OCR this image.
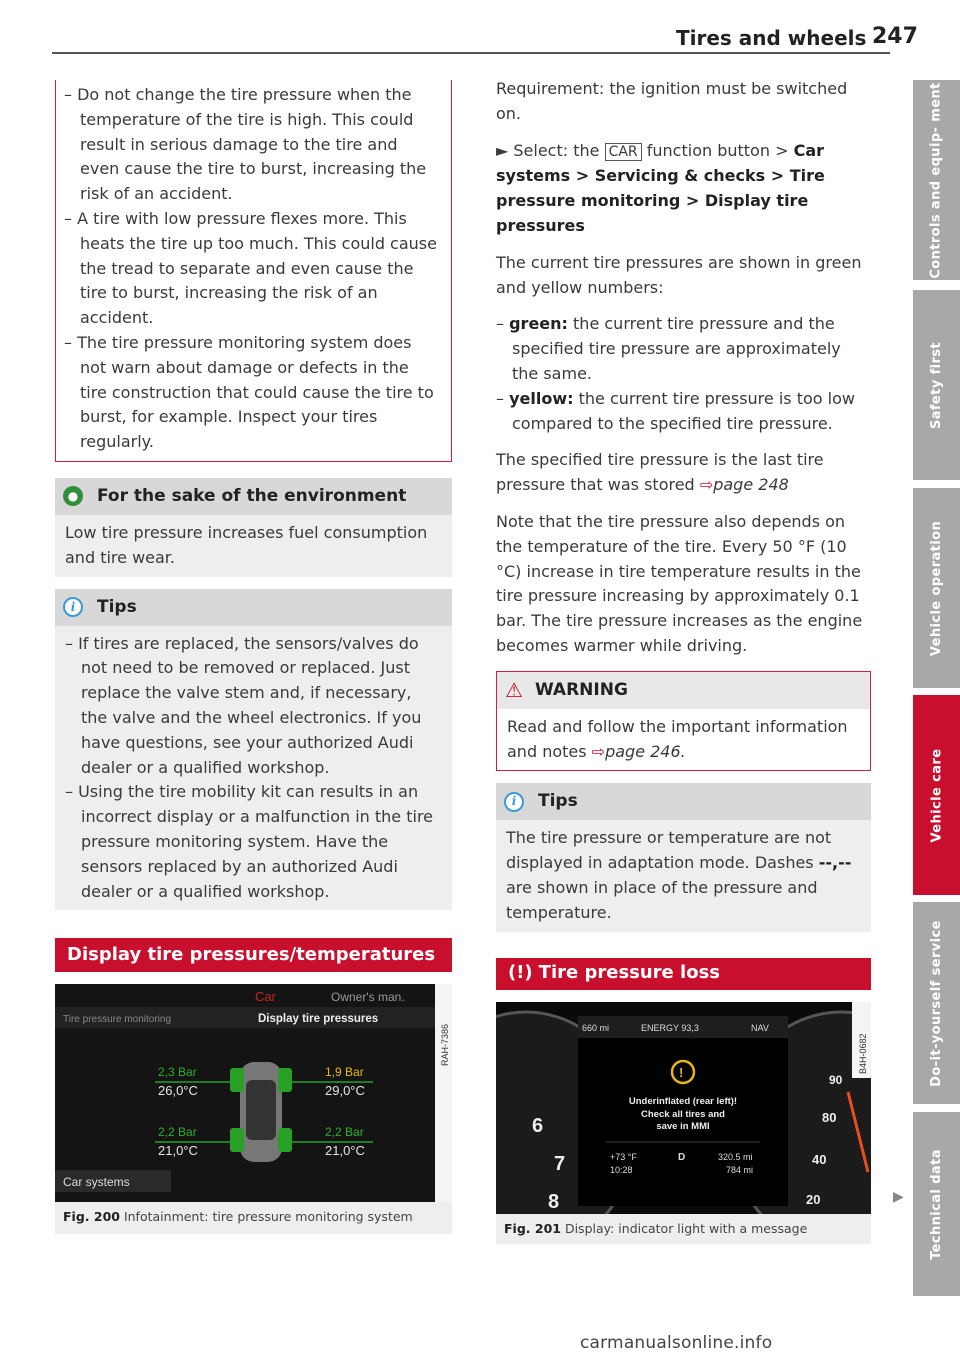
Tires and wheels 247
Controls and equip- ment
Safety first
Vehicle operation
Vehicle care
Do-it-yourself service
Technical data
– Do not change the tire pressure when the temperature of the tire is high. This could result in serious damage to the tire and even cause the tire to burst, increasing the risk of an accident.
– A tire with low pressure flexes more. This heats the tire up too much. This could cause the tread to separate and even cause the tire to burst, increasing the risk of an accident.
– The tire pressure monitoring system does not warn about damage or defects in the tire construction that could cause the tire to burst, for example. Inspect your tires regularly.
● For the sake of the environment
Low tire pressure increases fuel consumption and tire wear.
i	Tips
– If tires are replaced, the sensors/valves do not need to be removed or replaced. Just replace the valve stem and, if necessary, the valve and the wheel electronics. If you have questions, see your authorized Audi dealer or a qualified workshop.
– Using the tire mobility kit can results in an incorrect display or a malfunction in the tire pressure monitoring system. Have the sensors replaced by an authorized Audi dealer or a qualified workshop.
Display tire pressures/temperatures
Car	Owner's man.
Tire pressure monitoring	Display tire pressures
2,3 Bar
26,0°C
1,9 Bar
29,0°C
2,2 Bar
21,0°C
2,2 Bar
21,0°C
Car systems
RAH-7386
Fig. 200 Infotainment: tire pressure monitoring system
Requirement: the ignition must be switched on.
► Select: the CAR function button > Car systems > Servicing & checks > Tire pressure monitoring > Display tire pressures
The current tire pressures are shown in green and yellow numbers:
– green: the current tire pressure and the specified tire pressure are approximately the same.
– yellow: the current tire pressure is too low compared to the specified tire pressure.
The specified tire pressure is the last tire pressure that was stored ⇨page 248
Note that the tire pressure also depends on the temperature of the tire. Every 50 °F (10 °C) increase in tire temperature results in the tire pressure increasing by approximately 0.1 bar. The tire pressure increases as the engine becomes warmer while driving.
⚠ WARNING
Read and follow the important information and notes ⇨page 246.
i	Tips
The tire pressure or temperature are not displayed in adaptation mode. Dashes --,-- are shown in place of the pressure and temperature.
(!) Tire pressure loss
6
7
8
80
40
20
90
660 mi	ENERGY 93,3	NAV
!
Underinflated (rear left)!
Check all tires and
save in MMI
+73 °F
10:28
D	320.5 mi
784 mi
B4H-0682
Fig. 201 Display: indicator light with a message
▶
carmanualsonline.info
